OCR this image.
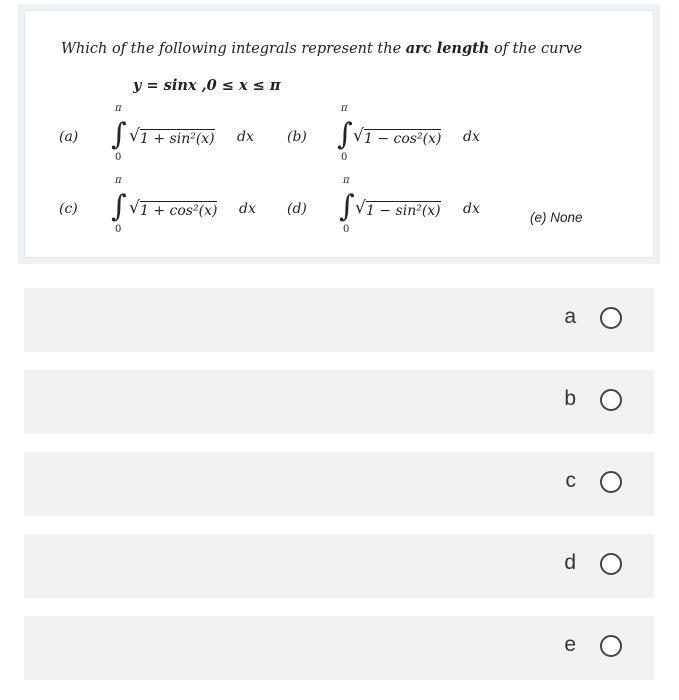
Which of the following integrals represent the arc length of the curve
y = sinx ,0 ≤ x ≤ π
(a)
π
∫
0
√ 1 + sin²(x) dx (b)
π
∫
0
√ 1 − cos²(x) dx
(c)
π
∫
0
√ 1 + cos²(x) dx (d)
π
∫
0
√ 1 − sin²(x) dx
(e) None
a
b
c
d
e
